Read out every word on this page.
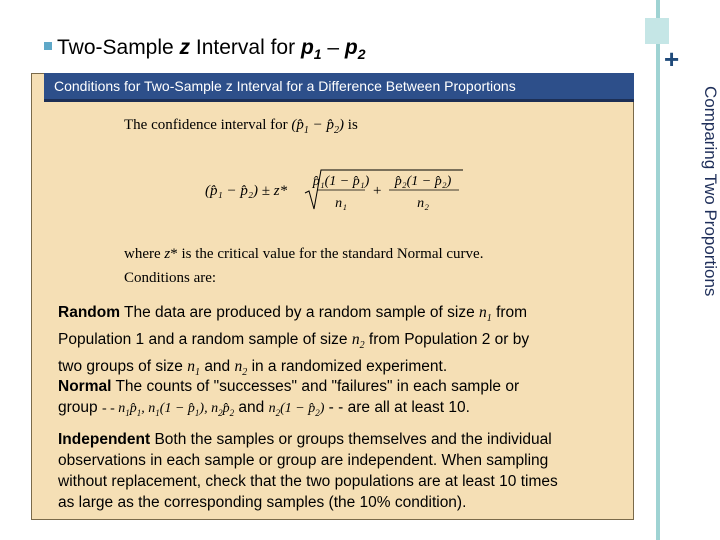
+
Comparing Two Proportions
Two-Sample z Interval for $p_1 - p_2$
Conditions for Two-Sample z Interval for a Difference Between Proportions
The confidence interval for ($p̂_1$ − $p̂_2$) is
(p̂₁ − p̂₂) ± z*
p̂₁(1 − p̂₁)
n₁
+
p̂₂(1 − p̂₂)
n₂
where z* is the critical value for the standard Normal curve.
Conditions are:
Random The data are produced by a random sample of size $n_1$ from
Population 1 and a random sample of size $n_2$ from Population 2 or by
two groups of size $n_1$ and $n_2$ in a randomized experiment.
Normal The counts of "successes" and "failures" in each sample or
group - - $n_1p̂_1$, $n_1(1$ − $p̂_1$), $n_2p̂_2$ and $n_2(1$ − $p̂_2$) - - are all at least 10.
Independent Both the samples or groups themselves and the individual
observations in each sample or group are independent. When sampling
without replacement, check that the two populations are at least 10 times
as large as the corresponding samples (the 10% condition).
